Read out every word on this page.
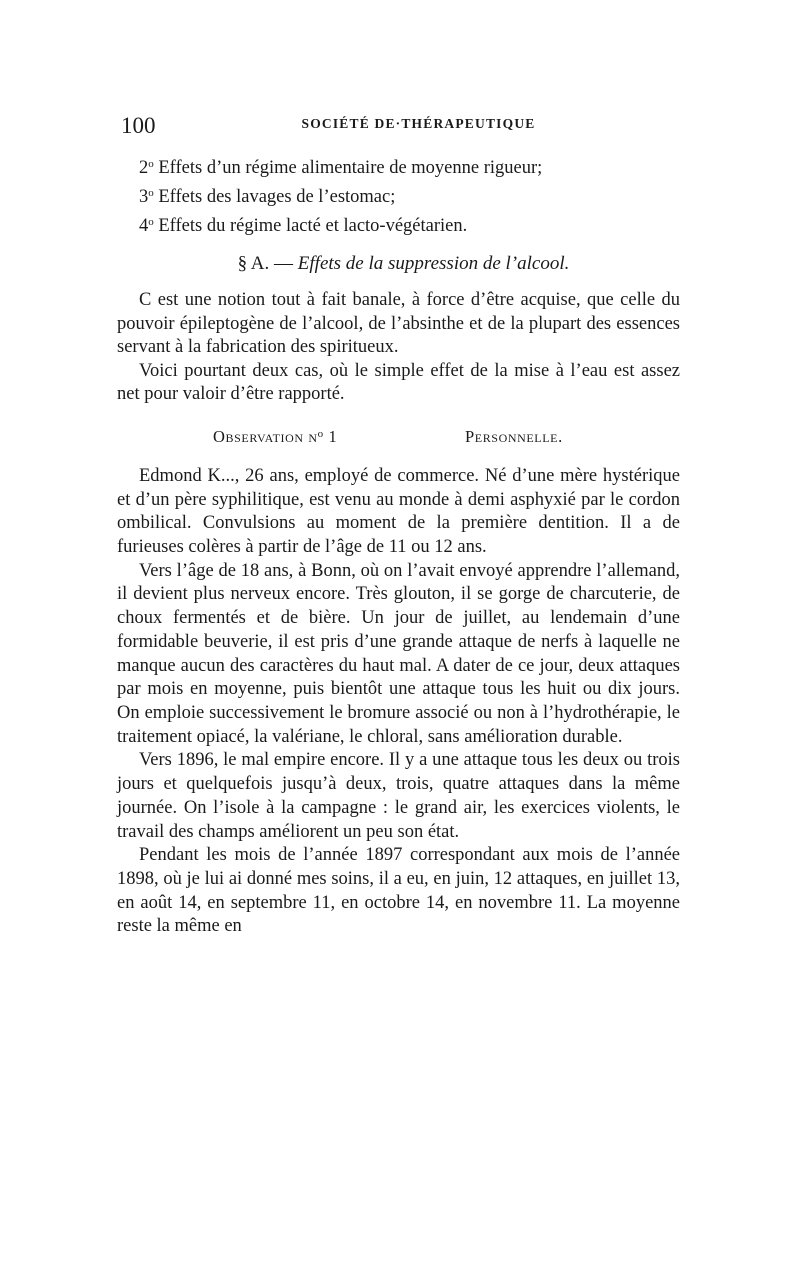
100	SOCIÉTÉ DE·THÉRAPEUTIQUE
2$^o$ Effets d’un régime alimentaire de moyenne rigueur;
3$^o$ Effets des lavages de l’estomac;
4$^o$ Effets du régime lacté et lacto-végétarien.
§ A. — Effets de la suppression de l’alcool.

C est une notion tout à fait banale, à force d’être acquise, que celle du pouvoir épileptogène de l’alcool, de l’absinthe et de la plupart des essences servant à la fabrication des spiritueux.

Voici pourtant deux cas, où le simple effet de la mise à l’eau est assez net pour valoir d’être rapporté.

Observation $n^o$ 1	Personnelle.

Edmond K..., 26 ans, employé de commerce. Né d’une mère hystérique et d’un père syphilitique, est venu au monde à demi asphyxié par le cordon ombilical. Convulsions au moment de la première dentition. Il a de furieuses colères à partir de l’âge de 11 ou 12 ans.

Vers l’âge de 18 ans, à Bonn, où on l’avait envoyé apprendre l’allemand, il devient plus nerveux encore. Très glouton, il se gorge de charcuterie, de choux fermentés et de bière. Un jour de juillet, au lendemain d’une formidable beuverie, il est pris d’une grande attaque de nerfs à laquelle ne manque aucun des caractères du haut mal. A dater de ce jour, deux attaques par mois en moyenne, puis bientôt une attaque tous les huit ou dix jours. On emploie successivement le bromure associé ou non à l’hydrothérapie, le traitement opiacé, la valériane, le chloral, sans amélioration durable.

Vers 1896, le mal empire encore. Il y a une attaque tous les deux ou trois jours et quelquefois jusqu’à deux, trois, quatre attaques dans la même journée. On l’isole à la campagne : le grand air, les exercices violents, le travail des champs améliorent un peu son état.

Pendant les mois de l’année 1897 correspondant aux mois de l’année 1898, où je lui ai donné mes soins, il a eu, en juin, 12 attaques, en juillet 13, en août 14, en septembre 11, en octobre 14, en novembre 11. La moyenne reste la même en
